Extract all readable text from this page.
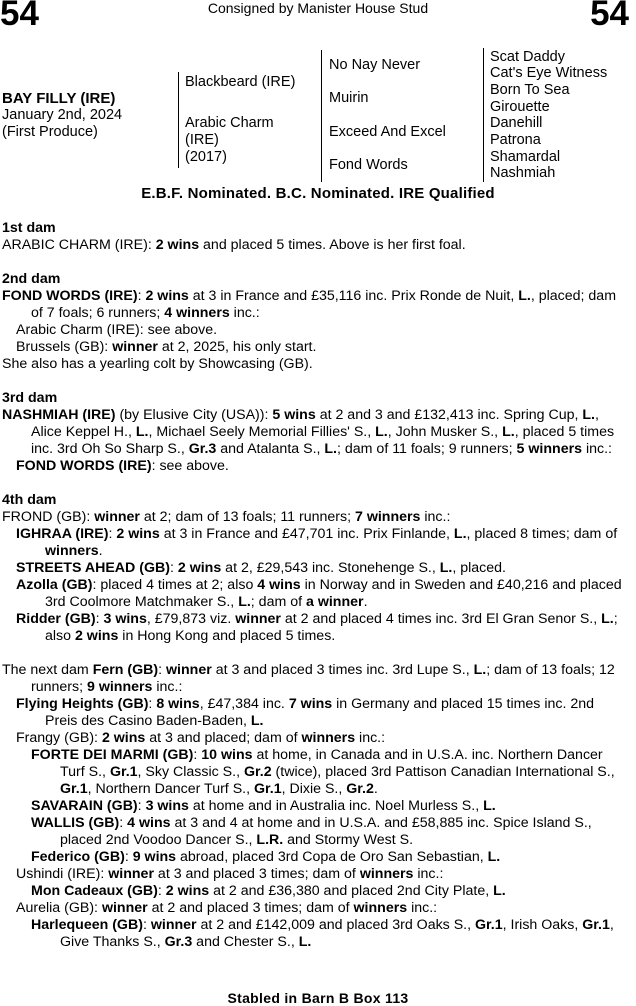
54	54
Consigned by Manister House Stud
BAY FILLY (IRE)
January 2nd, 2024
(First Produce)
Blackbeard (IRE)
Arabic Charm
(IRE)
(2017)
No Nay Never
Muirin
Exceed And Excel
Fond Words
Scat Daddy
Cat's Eye Witness
Born To Sea
Girouette
Danehill
Patrona
Shamardal
Nashmiah
E.B.F. Nominated. B.C. Nominated. IRE Qualified

1st dam

ARABIC CHARM (IRE): 2 wins and placed 5 times. Above is her first foal.

2nd dam

FOND WORDS (IRE): 2 wins at 3 in France and £35,116 inc. Prix Ronde de Nuit, L., placed; dam of 7 foals; 6 runners; 4 winners inc.:

Arabic Charm (IRE): see above.

Brussels (GB): winner at 2, 2025, his only start.

She also has a yearling colt by Showcasing (GB).

3rd dam

NASHMIAH (IRE) (by Elusive City (USA)): 5 wins at 2 and 3 and £132,413 inc. Spring Cup, L., Alice Keppel H., L., Michael Seely Memorial Fillies' S., L., John Musker S., L., placed 5 times inc. 3rd Oh So Sharp S., Gr.3 and Atalanta S., L.; dam of 11 foals; 9 runners; 5 winners inc.:

FOND WORDS (IRE): see above.

4th dam

FROND (GB): winner at 2; dam of 13 foals; 11 runners; 7 winners inc.:

IGHRAA (IRE): 2 wins at 3 in France and £47,701 inc. Prix Finlande, L., placed 8 times; dam of winners.

STREETS AHEAD (GB): 2 wins at 2, £29,543 inc. Stonehenge S., L., placed.

Azolla (GB): placed 4 times at 2; also 4 wins in Norway and in Sweden and £40,216 and placed 3rd Coolmore Matchmaker S., L.; dam of a winner.

Ridder (GB): 3 wins, £79,873 viz. winner at 2 and placed 4 times inc. 3rd El Gran Senor S., L.; also 2 wins in Hong Kong and placed 5 times.

The next dam Fern (GB): winner at 3 and placed 3 times inc. 3rd Lupe S., L.; dam of 13 foals; 12 runners; 9 winners inc.:

Flying Heights (GB): 8 wins, £47,384 inc. 7 wins in Germany and placed 15 times inc. 2nd Preis des Casino Baden-Baden, L.

Frangy (GB): 2 wins at 3 and placed; dam of winners inc.:

FORTE DEI MARMI (GB): 10 wins at home, in Canada and in U.S.A. inc. Northern Dancer Turf S., Gr.1, Sky Classic S., Gr.2 (twice), placed 3rd Pattison Canadian International S., Gr.1, Northern Dancer Turf S., Gr.1, Dixie S., Gr.2.

SAVARAIN (GB): 3 wins at home and in Australia inc. Noel Murless S., L.

WALLIS (GB): 4 wins at 3 and 4 at home and in U.S.A. and £58,885 inc. Spice Island S., placed 2nd Voodoo Dancer S., L.R. and Stormy West S.

Federico (GB): 9 wins abroad, placed 3rd Copa de Oro San Sebastian, L.

Ushindi (IRE): winner at 3 and placed 3 times; dam of winners inc.:

Mon Cadeaux (GB): 2 wins at 2 and £36,380 and placed 2nd City Plate, L.

Aurelia (GB): winner at 2 and placed 3 times; dam of winners inc.:

Harlequeen (GB): winner at 2 and £142,009 and placed 3rd Oaks S., Gr.1, Irish Oaks, Gr.1, Give Thanks S., Gr.3 and Chester S., L.

Stabled in Barn B Box 113
